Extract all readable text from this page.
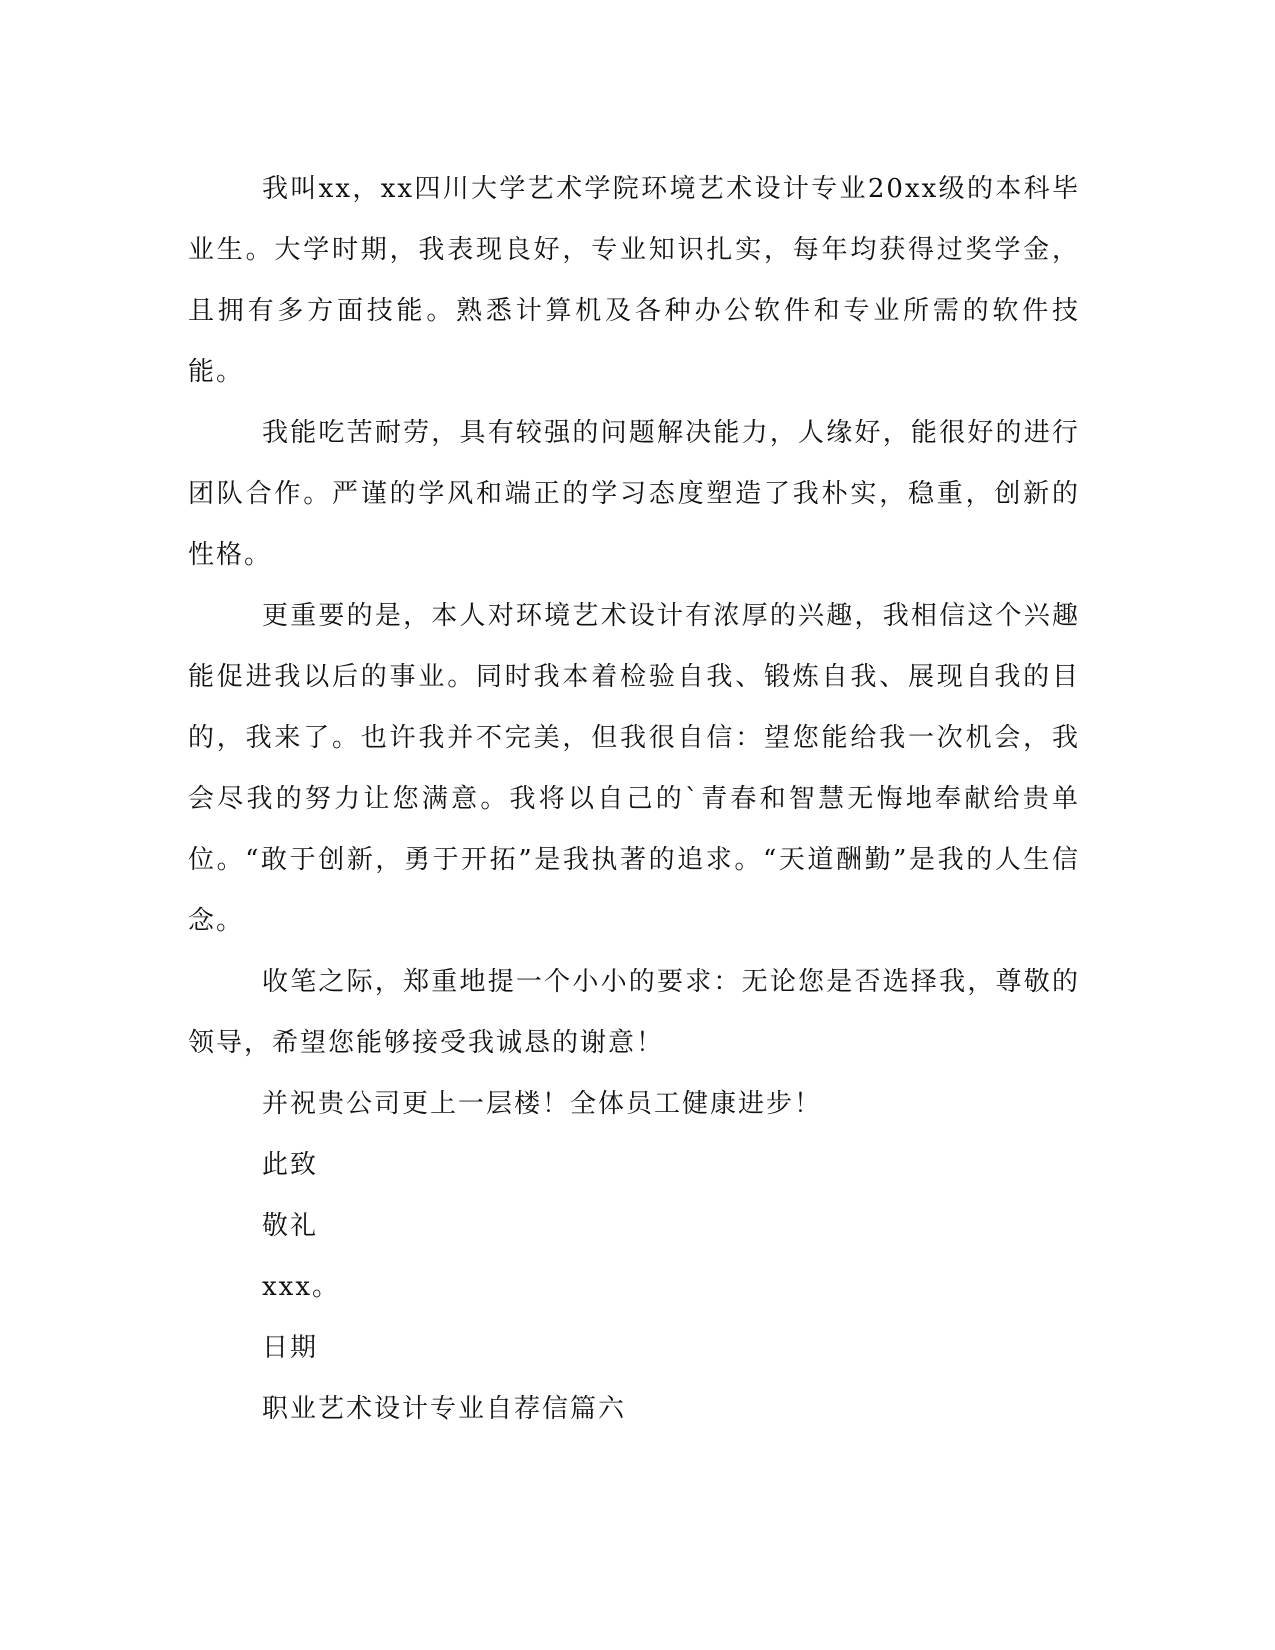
我叫xx，xx四川大学艺术学院环境艺术设计专业20xx级的本科毕业生。大学时期，我表现良好，专业知识扎实，每年均获得过奖学金，且拥有多方面技能。熟悉计算机及各种办公软件和专业所需的软件技能。

我能吃苦耐劳，具有较强的问题解决能力，人缘好，能很好的进行团队合作。严谨的学风和端正的学习态度塑造了我朴实，稳重，创新的性格。

更重要的是，本人对环境艺术设计有浓厚的兴趣，我相信这个兴趣能促进我以后的事业。同时我本着检验自我、锻炼自我、展现自我的目的，我来了。也许我并不完美，但我很自信：望您能给我一次机会，我会尽我的努力让您满意。我将以自己的`青春和智慧无悔地奉献给贵单位。“敢于创新，勇于开拓”是我执著的追求。“天道酬勤”是我的人生信念。

收笔之际，郑重地提一个小小的要求：无论您是否选择我，尊敬的领导，希望您能够接受我诚恳的谢意！

并祝贵公司更上一层楼！全体员工健康进步！

此致

敬礼

xxx。

日期

职业艺术设计专业自荐信篇六
